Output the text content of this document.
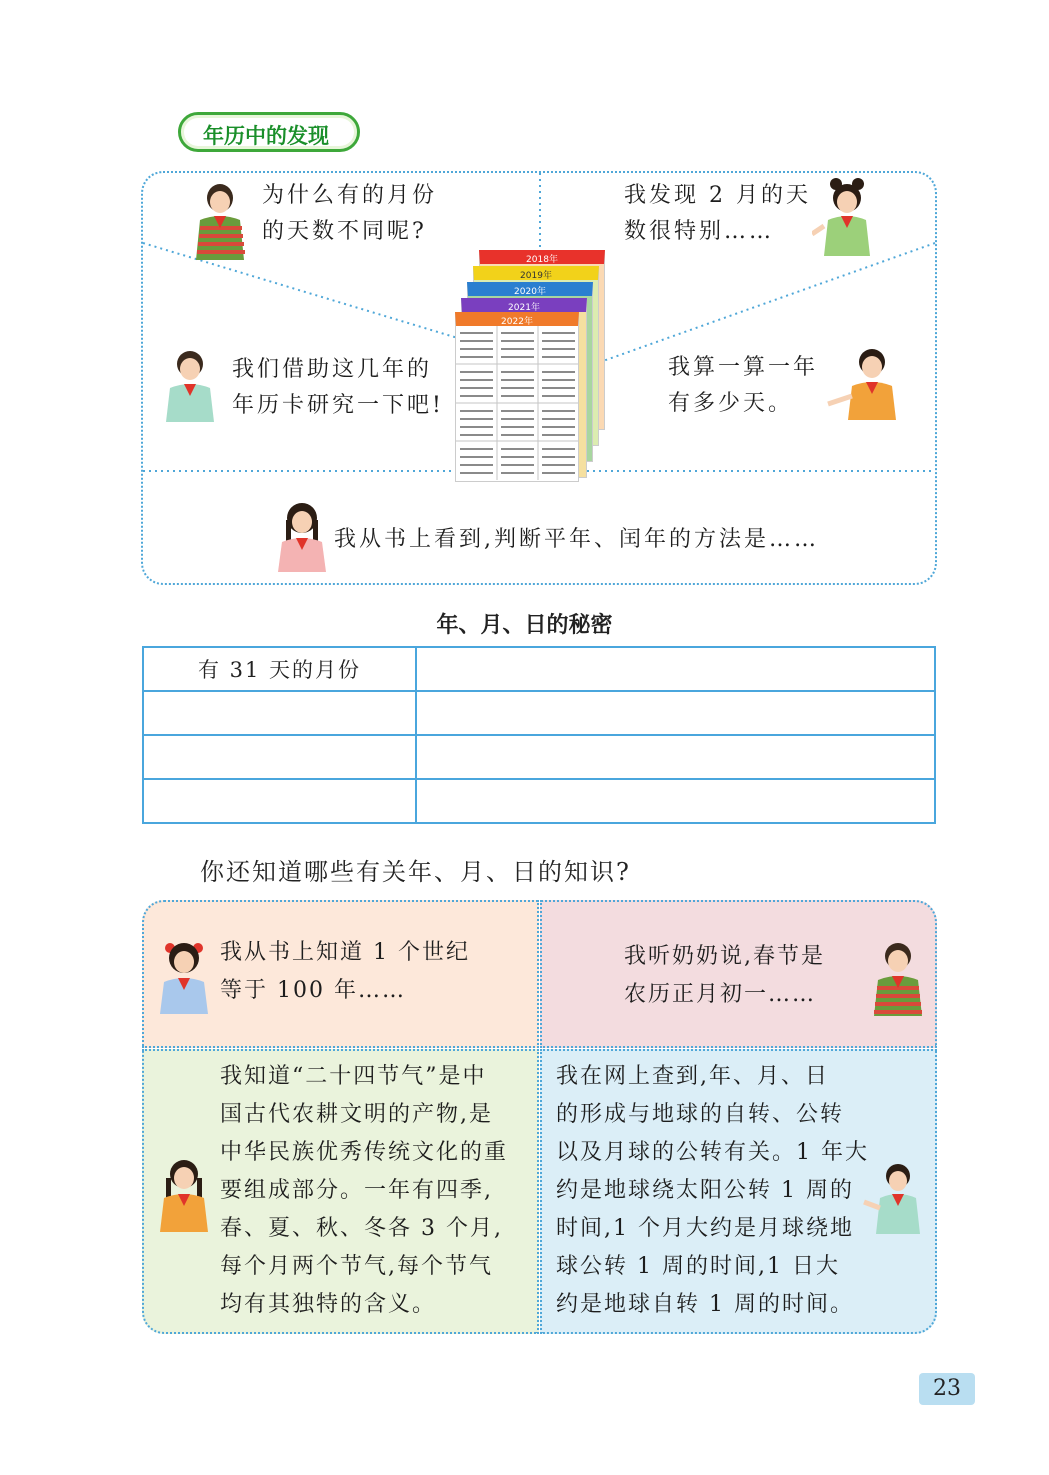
年历中的发现
为什么有的月份
的天数不同呢?
我发现 2 月的天
数很特别……
我们借助这几年的
年历卡研究一下吧!
我算一算一年
有多少天。
我从书上看到,判断平年、闰年的方法是……
2018年
2019年
2020年
2021年
2022年
年、月、日的秘密
有 31 天的月份	

你还知道哪些有关年、月、日的知识?
我从书上知道 1 个世纪
等于 100 年……
我听奶奶说,春节是
农历正月初一……
我知道“二十四节气”是中
国古代农耕文明的产物,是
中华民族优秀传统文化的重
要组成部分。一年有四季,
春、夏、秋、冬各 3 个月,
每个月两个节气,每个节气
均有其独特的含义。
我在网上查到,年、月、日
的形成与地球的自转、公转
以及月球的公转有关。1 年大
约是地球绕太阳公转 1 周的
时间,1 个月大约是月球绕地
球公转 1 周的时间,1 日大
约是地球自转 1 周的时间。
23
